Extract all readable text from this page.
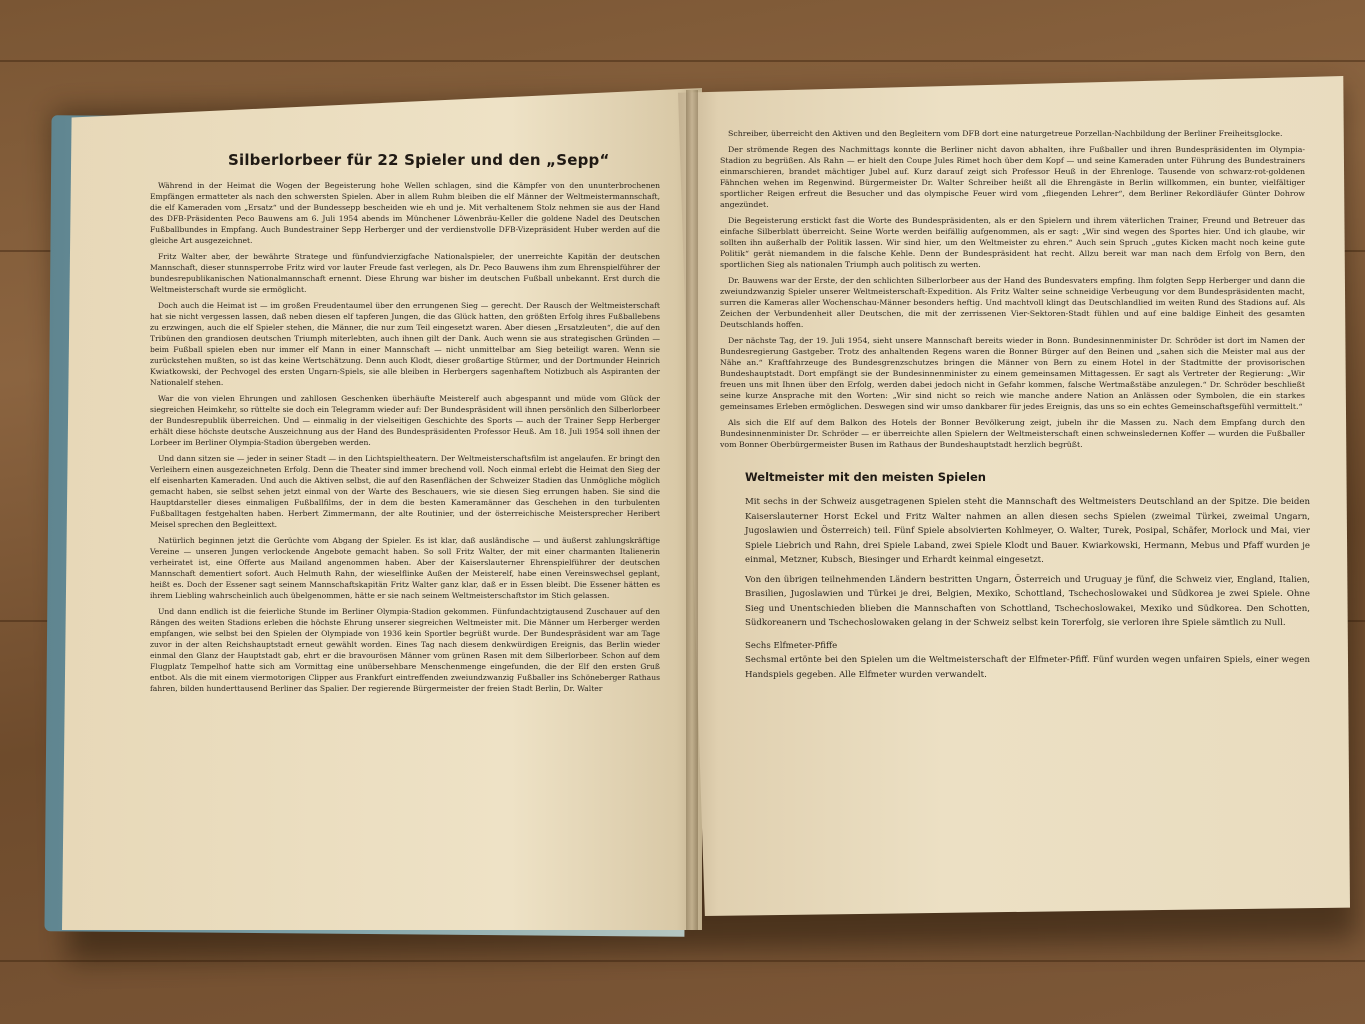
Silberlorbeer für 22 Spieler und den „Sepp“

Während in der Heimat die Wogen der Begeisterung hohe Wellen schlagen, sind die Kämpfer von den ununterbrochenen Empfängen ermatteter als nach den schwersten Spielen. Aber in allem Ruhm bleiben die elf Männer der Weltmeistermannschaft, die elf Kameraden vom „Ersatz“ und der Bundessepp bescheiden wie eh und je. Mit verhaltenem Stolz nehmen sie aus der Hand des DFB-Präsidenten Peco Bauwens am 6. Juli 1954 abends im Münchener Löwenbräu-Keller die goldene Nadel des Deutschen Fußballbundes in Empfang. Auch Bundestrainer Sepp Herberger und der verdienstvolle DFB-Vizepräsident Huber werden auf die gleiche Art ausgezeichnet.

Fritz Walter aber, der bewährte Stratege und fünfundvierzigfache Nationalspieler, der unerreichte Kapitän der deutschen Mannschaft, dieser stunnsperrobe Fritz wird vor lauter Freude fast verlegen, als Dr. Peco Bauwens ihm zum Ehrenspielführer der bundesrepublikanischen Nationalmannschaft ernennt. Diese Ehrung war bisher im deutschen Fußball unbekannt. Erst durch die Weltmeisterschaft wurde sie ermöglicht.

Doch auch die Heimat ist — im großen Freudentaumel über den errungenen Sieg — gerecht. Der Rausch der Weltmeisterschaft hat sie nicht vergessen lassen, daß neben diesen elf tapferen Jungen, die das Glück hatten, den größten Erfolg ihres Fußballebens zu erzwingen, auch die elf Spieler stehen, die Männer, die nur zum Teil eingesetzt waren. Aber diesen „Ersatzleuten“, die auf den Tribünen den grandiosen deutschen Triumph miterlebten, auch ihnen gilt der Dank. Auch wenn sie aus strategischen Gründen — beim Fußball spielen eben nur immer elf Mann in einer Mannschaft — nicht unmittelbar am Sieg beteiligt waren. Wenn sie zurückstehen mußten, so ist das keine Wertschätzung. Denn auch Klodt, dieser großartige Stürmer, und der Dortmunder Heinrich Kwiatkowski, der Pechvogel des ersten Ungarn-Spiels, sie alle bleiben in Herbergers sagenhaftem Notizbuch als Aspiranten der Nationalelf stehen.

War die von vielen Ehrungen und zahllosen Geschenken überhäufte Meisterelf auch abgespannt und müde vom Glück der siegreichen Heimkehr, so rüttelte sie doch ein Telegramm wieder auf: Der Bundespräsident will ihnen persönlich den Silberlorbeer der Bundesrepublik überreichen. Und — einmalig in der vielseitigen Geschichte des Sports — auch der Trainer Sepp Herberger erhält diese höchste deutsche Auszeichnung aus der Hand des Bundespräsidenten Professor Heuß. Am 18. Juli 1954 soll ihnen der Lorbeer im Berliner Olympia-Stadion übergeben werden.

Und dann sitzen sie — jeder in seiner Stadt — in den Lichtspieltheatern. Der Weltmeisterschaftsfilm ist angelaufen. Er bringt den Verleihern einen ausgezeichneten Erfolg. Denn die Theater sind immer brechend voll. Noch einmal erlebt die Heimat den Sieg der elf eisenharten Kameraden. Und auch die Aktiven selbst, die auf den Rasenflächen der Schweizer Stadien das Unmögliche möglich gemacht haben, sie selbst sehen jetzt einmal von der Warte des Beschauers, wie sie diesen Sieg errungen haben. Sie sind die Hauptdarsteller dieses einmaligen Fußballfilms, der in dem die besten Kameramänner das Geschehen in den turbulenten Fußballtagen festgehalten haben. Herbert Zimmermann, der alte Routinier, und der österreichische Meistersprecher Heribert Meisel sprechen den Begleittext.

Natürlich beginnen jetzt die Gerüchte vom Abgang der Spieler. Es ist klar, daß ausländische — und äußerst zahlungskräftige Vereine — unseren Jungen verlockende Angebote gemacht haben. So soll Fritz Walter, der mit einer charmanten Italienerin verheiratet ist, eine Offerte aus Mailand angenommen haben. Aber der Kaiserslauterner Ehrenspielführer der deutschen Mannschaft dementiert sofort. Auch Helmuth Rahn, der wieselflinke Außen der Meisterelf, habe einen Vereinswechsel geplant, heißt es. Doch der Essener sagt seinem Mannschaftskapitän Fritz Walter ganz klar, daß er in Essen bleibt. Die Essener hätten es ihrem Liebling wahrscheinlich auch übelgenommen, hätte er sie nach seinem Weltmeisterschaftstor im Stich gelassen.

Und dann endlich ist die feierliche Stunde im Berliner Olympia-Stadion gekommen. Fünfundachtzigtausend Zuschauer auf den Rängen des weiten Stadions erleben die höchste Ehrung unserer siegreichen Weltmeister mit. Die Männer um Herberger werden empfangen, wie selbst bei den Spielen der Olympiade von 1936 kein Sportler begrüßt wurde. Der Bundespräsident war am Tage zuvor in der alten Reichshauptstadt erneut gewählt worden. Eines Tag nach diesem denkwürdigen Ereignis, das Berlin wieder einmal den Glanz der Hauptstadt gab, ehrt er die bravourösen Männer vom grünen Rasen mit dem Silberlorbeer. Schon auf dem Flugplatz Tempelhof hatte sich am Vormittag eine unübersehbare Menschenmenge eingefunden, die der Elf den ersten Gruß entbot. Als die mit einem viermotorigen Clipper aus Frankfurt eintreffenden zweiundzwanzig Fußballer ins Schöneberger Rathaus fahren, bilden hunderttausend Berliner das Spalier. Der regierende Bürgermeister der freien Stadt Berlin, Dr. Walter

Schreiber, überreicht den Aktiven und den Begleitern vom DFB dort eine naturgetreue Porzellan-Nachbildung der Berliner Freiheitsglocke.

Der strömende Regen des Nachmittags konnte die Berliner nicht davon abhalten, ihre Fußballer und ihren Bundespräsidenten im Olympia-Stadion zu begrüßen. Als Rahn — er hielt den Coupe Jules Rimet hoch über dem Kopf — und seine Kameraden unter Führung des Bundestrainers einmarschieren, brandet mächtiger Jubel auf. Kurz darauf zeigt sich Professor Heuß in der Ehrenloge. Tausende von schwarz-rot-goldenen Fähnchen wehen im Regenwind. Bürgermeister Dr. Walter Schreiber heißt all die Ehrengäste in Berlin willkommen, ein bunter, vielfältiger sportlicher Reigen erfreut die Besucher und das olympische Feuer wird vom „fliegenden Lehrer“, dem Berliner Rekordläufer Günter Dohrow angezündet.

Die Begeisterung erstickt fast die Worte des Bundespräsidenten, als er den Spielern und ihrem väterlichen Trainer, Freund und Betreuer das einfache Silberblatt überreicht. Seine Worte werden beifällig aufgenommen, als er sagt: „Wir sind wegen des Sportes hier. Und ich glaube, wir sollten ihn außerhalb der Politik lassen. Wir sind hier, um den Weltmeister zu ehren.“ Auch sein Spruch „gutes Kicken macht noch keine gute Politik“ gerät niemandem in die falsche Kehle. Denn der Bundespräsident hat recht. Allzu bereit war man nach dem Erfolg von Bern, den sportlichen Sieg als nationalen Triumph auch politisch zu werten.

Dr. Bauwens war der Erste, der den schlichten Silberlorbeer aus der Hand des Bundesvaters empfing. Ihm folgten Sepp Herberger und dann die zweiundzwanzig Spieler unserer Weltmeisterschaft-Expedition. Als Fritz Walter seine schneidige Verbeugung vor dem Bundespräsidenten macht, surren die Kameras aller Wochenschau-Männer besonders heftig. Und machtvoll klingt das Deutschlandlied im weiten Rund des Stadions auf. Als Zeichen der Verbundenheit aller Deutschen, die mit der zerrissenen Vier-Sektoren-Stadt fühlen und auf eine baldige Einheit des gesamten Deutschlands hoffen.

Der nächste Tag, der 19. Juli 1954, sieht unsere Mannschaft bereits wieder in Bonn. Bundesinnenminister Dr. Schröder ist dort im Namen der Bundesregierung Gastgeber. Trotz des anhaltenden Regens waren die Bonner Bürger auf den Beinen und „sahen sich die Meister mal aus der Nähe an.“ Kraftfahrzeuge des Bundesgrenzschutzes bringen die Männer von Bern zu einem Hotel in der Stadtmitte der provisorischen Bundeshauptstadt. Dort empfängt sie der Bundesinnenminister zu einem gemeinsamen Mittagessen. Er sagt als Vertreter der Regierung: „Wir freuen uns mit Ihnen über den Erfolg, werden dabei jedoch nicht in Gefahr kommen, falsche Wertmaßstäbe anzulegen.“ Dr. Schröder beschließt seine kurze Ansprache mit den Worten: „Wir sind nicht so reich wie manche andere Nation an Anlässen oder Symbolen, die ein starkes gemeinsames Erleben ermöglichen. Deswegen sind wir umso dankbarer für jedes Ereignis, das uns so ein echtes Gemeinschaftsgefühl vermittelt.“

Als sich die Elf auf dem Balkon des Hotels der Bonner Bevölkerung zeigt, jubeln ihr die Massen zu. Nach dem Empfang durch den Bundesinnenminister Dr. Schröder — er überreichte allen Spielern der Weltmeisterschaft einen schweinsledernen Koffer — wurden die Fußballer vom Bonner Oberbürgermeister Busen im Rathaus der Bundeshauptstadt herzlich begrüßt.

Weltmeister mit den meisten Spielen

Mit sechs in der Schweiz ausgetragenen Spielen steht die Mannschaft des Weltmeisters Deutschland an der Spitze. Die beiden Kaiserslauterner Horst Eckel und Fritz Walter nahmen an allen diesen sechs Spielen (zweimal Türkei, zweimal Ungarn, Jugoslawien und Österreich) teil. Fünf Spiele absolvierten Kohlmeyer, O. Walter, Turek, Posipal, Schäfer, Morlock und Mai, vier Spiele Liebrich und Rahn, drei Spiele Laband, zwei Spiele Klodt und Bauer. Kwiarkowski, Hermann, Mebus und Pfaff wurden je einmal, Metzner, Kubsch, Biesinger und Erhardt keinmal eingesetzt.

Von den übrigen teilnehmenden Ländern bestritten Ungarn, Österreich und Uruguay je fünf, die Schweiz vier, England, Italien, Brasilien, Jugoslawien und Türkei je drei, Belgien, Mexiko, Schottland, Tschechoslowakei und Südkorea je zwei Spiele. Ohne Sieg und Unentschieden blieben die Mannschaften von Schottland, Tschechoslowakei, Mexiko und Südkorea. Den Schotten, Südkoreanern und Tschechoslowaken gelang in der Schweiz selbst kein Torerfolg, sie verloren ihre Spiele sämtlich zu Null.

Sechs Elfmeter-Pfiffe

Sechsmal ertönte bei den Spielen um die Weltmeisterschaft der Elfmeter-Pfiff. Fünf wurden wegen unfairen Spiels, einer wegen Handspiels gegeben. Alle Elfmeter wurden verwandelt.
